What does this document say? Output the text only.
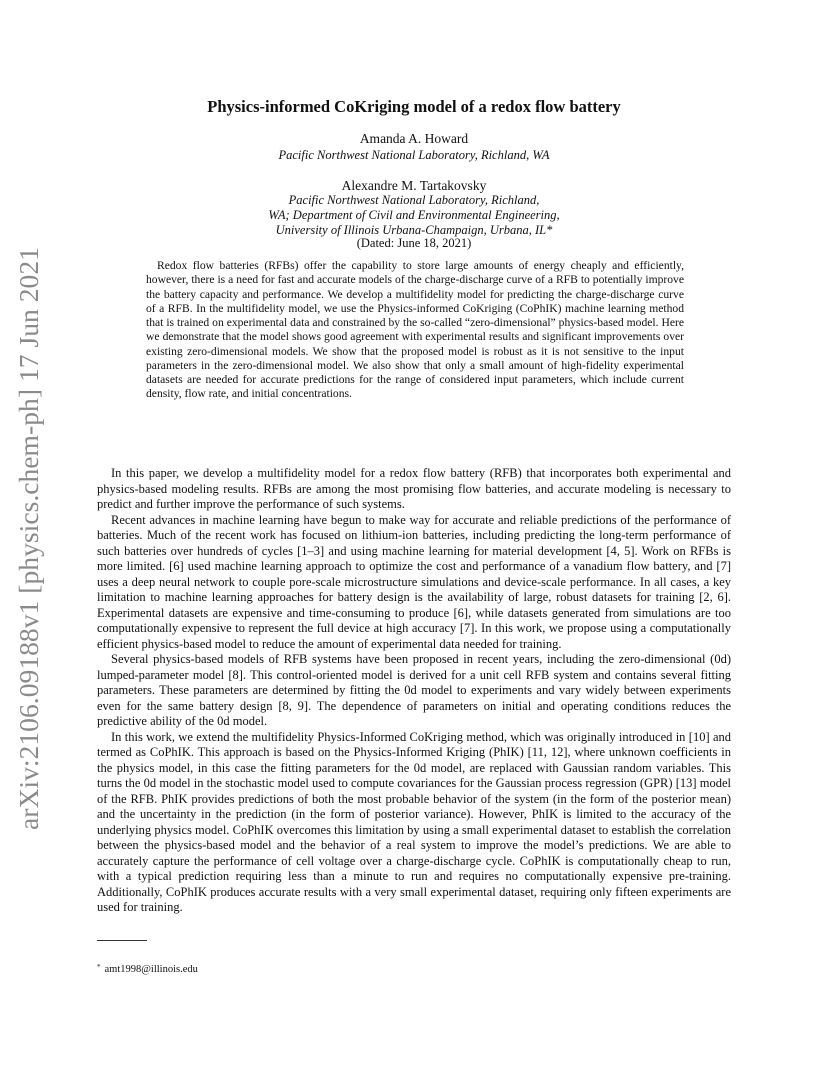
arXiv:2106.09188v1 [physics.chem-ph] 17 Jun 2021
Physics-informed CoKriging model of a redox flow battery
Amanda A. Howard
Pacific Northwest National Laboratory, Richland, WA
Alexandre M. Tartakovsky
Pacific Northwest National Laboratory, Richland,
WA; Department of Civil and Environmental Engineering,
University of Illinois Urbana-Champaign, Urbana, IL*
(Dated: June 18, 2021)
Redox flow batteries (RFBs) offer the capability to store large amounts of energy cheaply and efficiently, however, there is a need for fast and accurate models of the charge-discharge curve of a RFB to potentially improve the battery capacity and performance. We develop a multifidelity model for predicting the charge-discharge curve of a RFB. In the multifidelity model, we use the Physics-informed CoKriging (CoPhIK) machine learning method that is trained on experimental data and constrained by the so-called “zero-dimensional” physics-based model. Here we demonstrate that the model shows good agreement with experimental results and significant improvements over existing zero-dimensional models. We show that the proposed model is robust as it is not sensitive to the input parameters in the zero-dimensional model. We also show that only a small amount of high-fidelity experimental datasets are needed for accurate predictions for the range of considered input parameters, which include current density, flow rate, and initial concentrations.

In this paper, we develop a multifidelity model for a redox flow battery (RFB) that incorporates both experimental and physics-based modeling results. RFBs are among the most promising flow batteries, and accurate modeling is necessary to predict and further improve the performance of such systems.

Recent advances in machine learning have begun to make way for accurate and reliable predictions of the performance of batteries. Much of the recent work has focused on lithium-ion batteries, including predicting the long-term performance of such batteries over hundreds of cycles [1–3] and using machine learning for material development [4, 5]. Work on RFBs is more limited. [6] used machine learning approach to optimize the cost and performance of a vanadium flow battery, and [7] uses a deep neural network to couple pore-scale microstructure simulations and device-scale performance. In all cases, a key limitation to machine learning approaches for battery design is the availability of large, robust datasets for training [2, 6]. Experimental datasets are expensive and time-consuming to produce [6], while datasets generated from simulations are too computationally expensive to represent the full device at high accuracy [7]. In this work, we propose using a computationally efficient physics-based model to reduce the amount of experimental data needed for training.

Several physics-based models of RFB systems have been proposed in recent years, including the zero-dimensional (0d) lumped-parameter model [8]. This control-oriented model is derived for a unit cell RFB system and contains several fitting parameters. These parameters are determined by fitting the 0d model to experiments and vary widely between experiments even for the same battery design [8, 9]. The dependence of parameters on initial and operating conditions reduces the predictive ability of the 0d model.

In this work, we extend the multifidelity Physics-Informed CoKriging method, which was originally introduced in [10] and termed as CoPhIK. This approach is based on the Physics-Informed Kriging (PhIK) [11, 12], where unknown coefficients in the physics model, in this case the fitting parameters for the 0d model, are replaced with Gaussian random variables. This turns the 0d model in the stochastic model used to compute covariances for the Gaussian process regression (GPR) [13] model of the RFB. PhIK provides predictions of both the most probable behavior of the system (in the form of the posterior mean) and the uncertainty in the prediction (in the form of posterior variance). However, PhIK is limited to the accuracy of the underlying physics model. CoPhIK overcomes this limitation by using a small experimental dataset to establish the correlation between the physics-based model and the behavior of a real system to improve the model’s predictions. We are able to accurately capture the performance of cell voltage over a charge-discharge cycle. CoPhIK is computationally cheap to run, with a typical prediction requiring less than a minute to run and requires no computationally expensive pre-training. Additionally, CoPhIK produces accurate results with a very small experimental dataset, requiring only fifteen experiments are used for training.

* amt1998@illinois.edu
